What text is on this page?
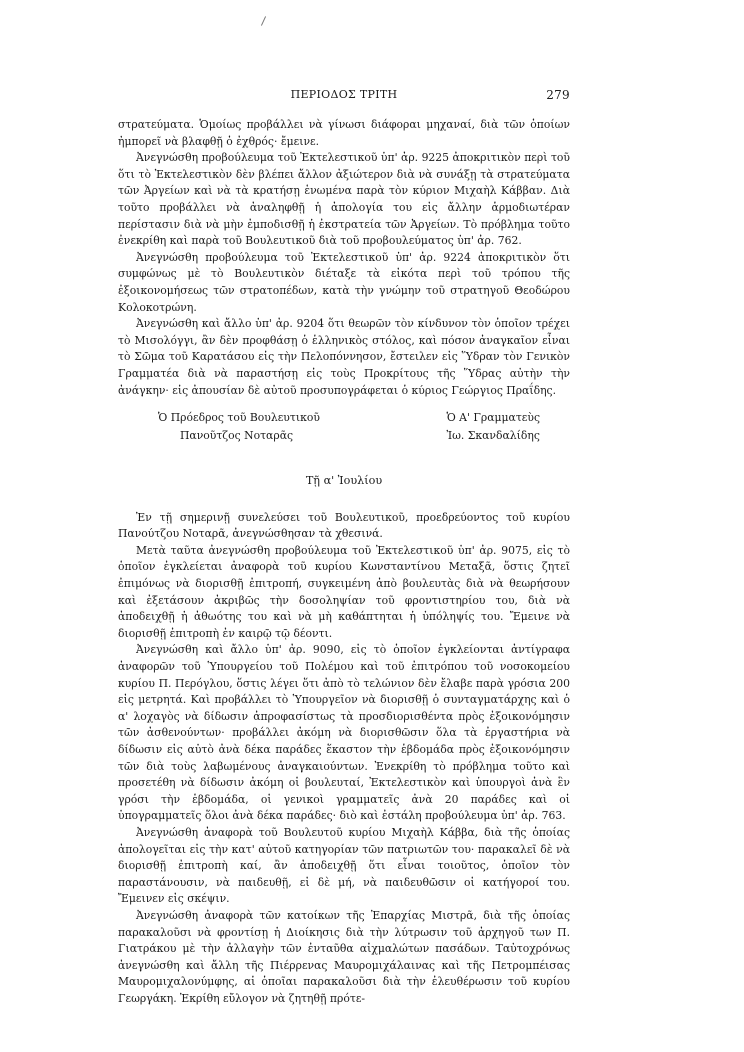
ΠΕΡΙΟΔΟΣ ΤΡΙΤΗ	279

στρατεύματα. Ὁμοίως προβάλλει νὰ γίνωσι διάφοραι μηχαναί, διὰ τῶν ὁποίων ἠμπορεῖ νὰ βλαφθῇ ὁ ἐχθρός· ἔμεινε.

Ἀνεγνώσθη προβούλευμα τοῦ Ἐκτελεστικοῦ ὑπ' ἀρ. 9225 ἀποκριτικὸν περὶ τοῦ ὅτι τὸ Ἐκτελεστικὸν δὲν βλέπει ἄλλον ἀξιώτερον διὰ νὰ συνάξῃ τὰ στρατεύματα τῶν Ἀργείων καὶ νὰ τὰ κρατήσῃ ἑνωμένα παρὰ τὸν κύριον Μιχαὴλ Κάββαν. Διὰ τοῦτο προβάλλει νὰ ἀναληφθῇ ἡ ἀπολογία του εἰς ἄλλην ἁρμοδιωτέραν περίστασιν διὰ νὰ μὴν ἐμποδισθῇ ἡ ἐκστρατεία τῶν Ἀργείων. Τὸ πρόβλημα τοῦτο ἐνεκρίθη καὶ παρὰ τοῦ Βουλευτικοῦ διὰ τοῦ προβουλεύματος ὑπ' ἀρ. 762.

Ἀνεγνώσθη προβούλευμα τοῦ Ἐκτελεστικοῦ ὑπ' ἀρ. 9224 ἀποκριτικὸν ὅτι συμφώνως μὲ τὸ Βουλευτικὸν διέταξε τὰ εἰκότα περὶ τοῦ τρόπου τῆς ἐξοικονομήσεως τῶν στρατοπέδων, κατὰ τὴν γνώμην τοῦ στρατηγοῦ Θεοδώρου Κολοκοτρώνη.

Ἀνεγνώσθη καὶ ἄλλο ὑπ' ἀρ. 9204 ὅτι θεωρῶν τὸν κίνδυνον τὸν ὁποῖον τρέχει τὸ Μισολόγγι, ἂν δὲν προφθάσῃ ὁ ἑλληνικὸς στόλος, καὶ πόσον ἀναγκαῖον εἶναι τὸ Σῶμα τοῦ Καρατάσου εἰς τὴν Πελοπόννησον, ἔστειλεν εἰς Ὕδραν τὸν Γενικὸν Γραμματέα διὰ νὰ παραστήσῃ εἰς τοὺς Προκρίτους τῆς Ὕδρας αὐτὴν τὴν ἀνάγκην· εἰς ἀπουσίαν δὲ αὐτοῦ προσυπογράφεται ὁ κύριος Γεώργιος Πραΐδης.

Ὁ Πρόεδρος τοῦ Βουλευτικοῦ
Πανοῦτζος Νοταρᾶς
Ὁ Α' Γραμματεὺς
Ἰω. Σκανδαλίδης
Τῇ α' Ἰουλίου

Ἐν τῇ σημερινῇ συνελεύσει τοῦ Βουλευτικοῦ, προεδρεύοντος τοῦ κυρίου Πανούτζου Νοταρᾶ, ἀνεγνώσθησαν τὰ χθεσινά.

Μετὰ ταῦτα ἀνεγνώσθη προβούλευμα τοῦ Ἐκτελεστικοῦ ὑπ' ἀρ. 9075, εἰς τὸ ὁποῖον ἐγκλείεται ἀναφορὰ τοῦ κυρίου Κωνσταντίνου Μεταξᾶ, ὅστις ζητεῖ ἐπιμόνως νὰ διορισθῇ ἐπιτροπή, συγκειμένη ἀπὸ βουλευτὰς διὰ νὰ θεωρήσουν καὶ ἐξετάσουν ἀκριβῶς τὴν δοσοληψίαν τοῦ φροντιστηρίου του, διὰ νὰ ἀποδειχθῇ ἡ ἀθωότης του καὶ νὰ μὴ καθάπτηται ἡ ὑπόληψίς του. Ἔμεινε νὰ διορισθῇ ἐπιτροπὴ ἐν καιρῷ τῷ δέοντι.

Ἀνεγνώσθη καὶ ἄλλο ὑπ' ἀρ. 9090, εἰς τὸ ὁποῖον ἐγκλείονται ἀντίγραφα ἀναφορῶν τοῦ Ὑπουργείου τοῦ Πολέμου καὶ τοῦ ἐπιτρόπου τοῦ νοσοκομείου κυρίου Π. Περόγλου, ὅστις λέγει ὅτι ἀπὸ τὸ τελώνιον δὲν ἔλαβε παρὰ γρόσια 200 εἰς μετρητά. Καὶ προβάλλει τὸ Ὑπουργεῖον νὰ διορισθῇ ὁ συνταγματάρχης καὶ ὁ α' λοχαγὸς νὰ δίδωσιν ἀπροφασίστως τὰ προσδιορισθέντα πρὸς ἐξοικονόμησιν τῶν ἀσθενούντων· προβάλλει ἀκόμη νὰ διορισθῶσιν ὅλα τὰ ἐργαστήρια νὰ δίδωσιν εἰς αὐτὸ ἀνὰ δέκα παράδες ἕκαστον τὴν ἑβδομάδα πρὸς ἐξοικονόμησιν τῶν διὰ τοὺς λαβωμένους ἀναγκαιούντων. Ἐνεκρίθη τὸ πρόβλημα τοῦτο καὶ προσετέθη νὰ δίδωσιν ἀκόμη οἱ βουλευταί, Ἐκτελεστικὸν καὶ ὑπουργοὶ ἀνὰ ἓν γρόσι τὴν ἑβδομάδα, οἱ γενικοὶ γραμματεῖς ἀνὰ 20 παράδες καὶ οἱ ὑπογραμματεῖς ὅλοι ἀνὰ δέκα παράδες· διὸ καὶ ἐστάλη προβούλευμα ὑπ' ἀρ. 763.

Ἀνεγνώσθη ἀναφορὰ τοῦ Βουλευτοῦ κυρίου Μιχαὴλ Κάββα, διὰ τῆς ὁποίας ἀπολογεῖται εἰς τὴν κατ' αὐτοῦ κατηγορίαν τῶν πατριωτῶν του· παρακαλεῖ δὲ νὰ διορισθῇ ἐπιτροπὴ καί, ἂν ἀποδειχθῇ ὅτι εἶναι τοιοῦτος, ὁποῖον τὸν παραστάνουσιν, νὰ παιδευθῇ, εἰ δὲ μή, νὰ παιδευθῶσιν οἱ κατήγοροί του. Ἔμεινεν εἰς σκέψιν.

Ἀνεγνώσθη ἀναφορὰ τῶν κατοίκων τῆς Ἐπαρχίας Μιστρᾶ, διὰ τῆς ὁποίας παρακαλοῦσι νὰ φροντίσῃ ἡ Διοίκησις διὰ τὴν λύτρωσιν τοῦ ἀρχηγοῦ των Π. Γιατράκου μὲ τὴν ἀλλαγὴν τῶν ἐνταῦθα αἰχμαλώτων πασάδων. Ταὐτοχρόνως ἀνεγνώσθη καὶ ἄλλη τῆς Πιέρρενας Μαυρομιχάλαινας καὶ τῆς Πετρομπέισας Μαυρομιχαλονύμφης, αἱ ὁποῖαι παρακαλοῦσι διὰ τὴν ἐλευθέρωσιν τοῦ κυρίου Γεωργάκη. Ἐκρίθη εὔλογον νὰ ζητηθῇ πρότε-
